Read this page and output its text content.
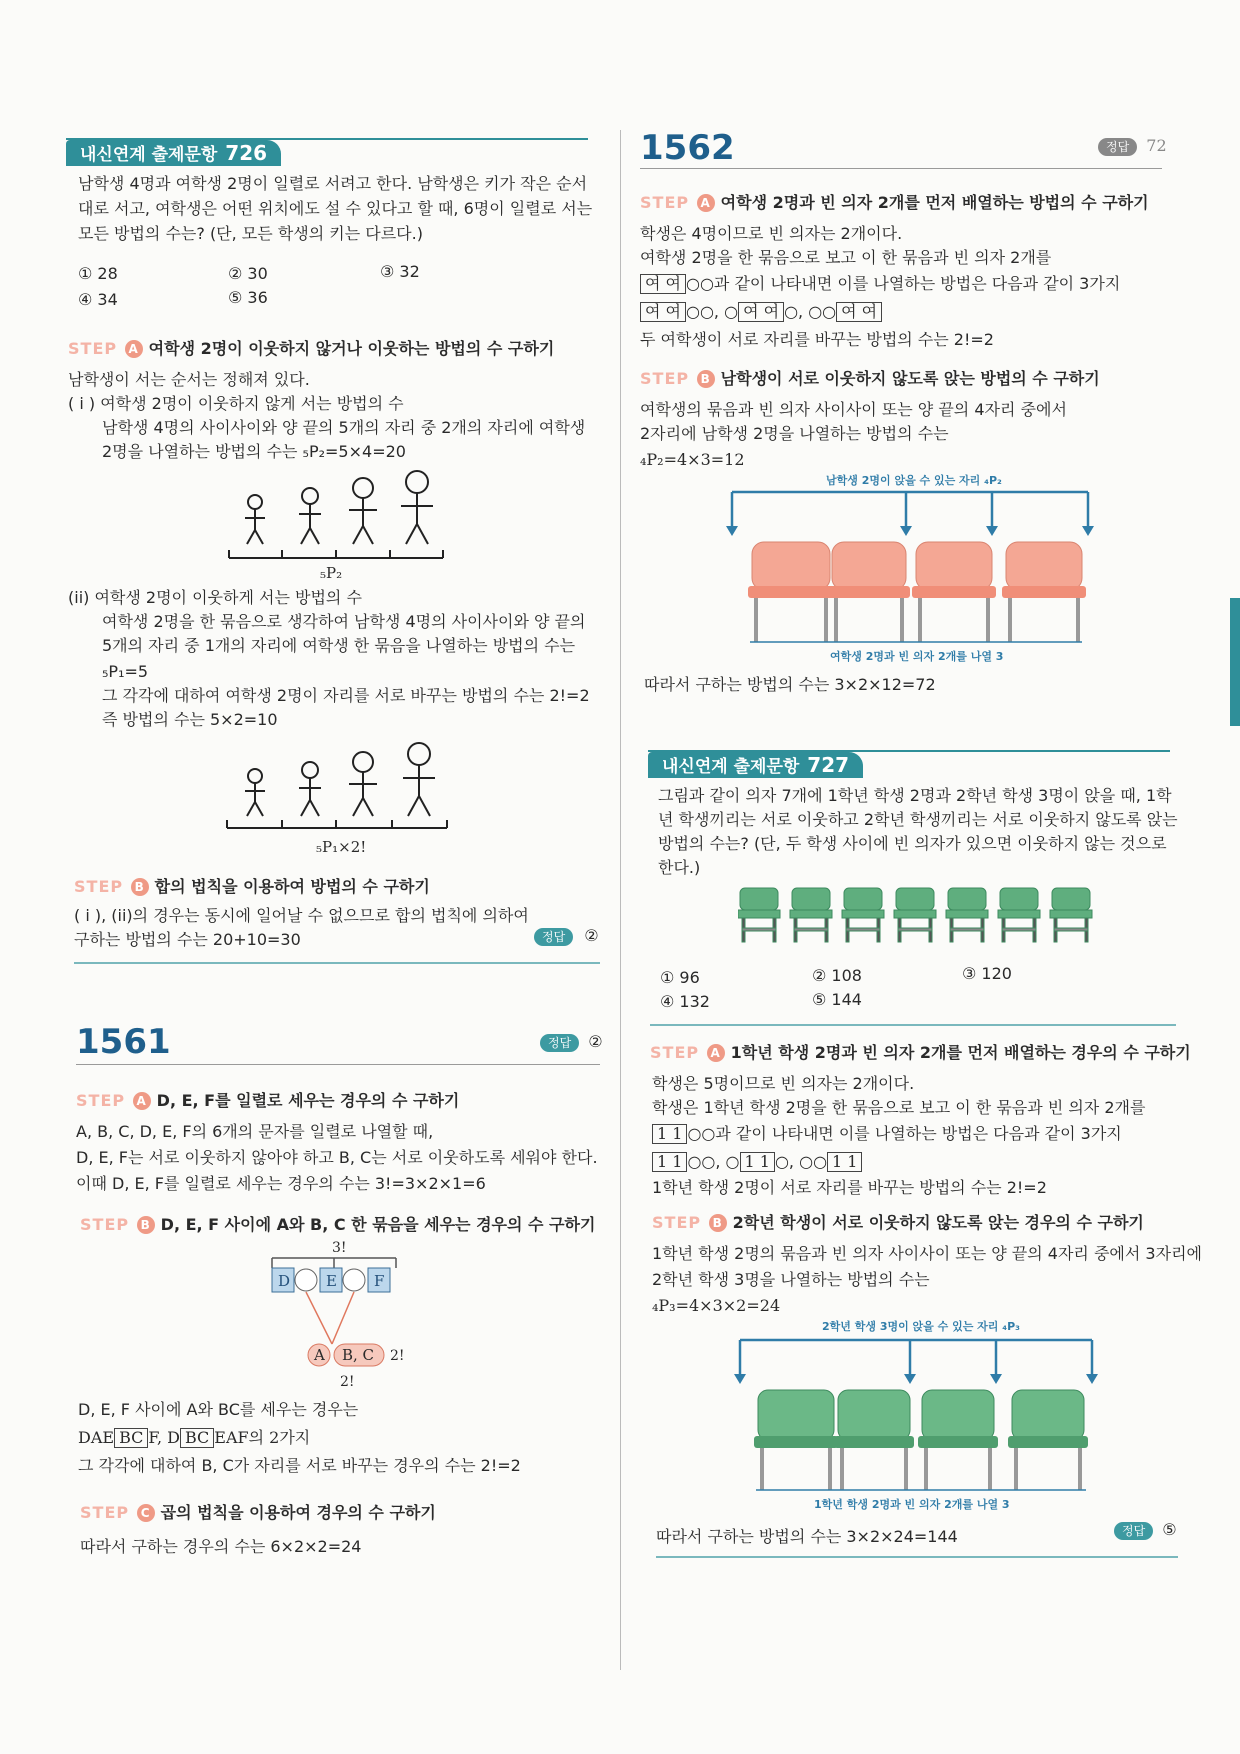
내신연계 출제문항 726
남학생 4명과 여학생 2명이 일렬로 서려고 한다. 남학생은 키가 작은 순서
대로 서고, 여학생은 어떤 위치에도 설 수 있다고 할 때, 6명이 일렬로 서는
모든 방법의 수는? (단, 모든 학생의 키는 다르다.)
① 28	② 30	③ 32
④ 34	⑤ 36
STEP A 여학생 2명이 이웃하지 않거나 이웃하는 방법의 수 구하기
남학생이 서는 순서는 정해져 있다.
( i ) 여학생 2명이 이웃하지 않게 서는 방법의 수
남학생 4명의 사이사이와 양 끝의 5개의 자리 중 2개의 자리에 여학생
2명을 나열하는 방법의 수는 ₅P₂=5×4=20
₅P₂
(ii) 여학생 2명이 이웃하게 서는 방법의 수
여학생 2명을 한 묶음으로 생각하여 남학생 4명의 사이사이와 양 끝의
5개의 자리 중 1개의 자리에 여학생 한 묶음을 나열하는 방법의 수는
₅P₁=5
그 각각에 대하여 여학생 2명이 자리를 서로 바꾸는 방법의 수는 2!=2
즉 방법의 수는 5×2=10
₅P₁×2!
STEP B 합의 법칙을 이용하여 방법의 수 구하기
( i ), (ii)의 경우는 동시에 일어날 수 없으므로 합의 법칙에 의하여
구하는 방법의 수는 20+10=30	정답 ②
1561	정답 ②
STEP A D, E, F를 일렬로 세우는 경우의 수 구하기
A, B, C, D, E, F의 6개의 문자를 일렬로 나열할 때,
D, E, F는 서로 이웃하지 않아야 하고 B, C는 서로 이웃하도록 세워야 한다.
이때 D, E, F를 일렬로 세우는 경우의 수는 3!=3×2×1=6
STEP B D, E, F 사이에 A와 B, C 한 묶음을 세우는 경우의 수 구하기
3!
D E F
A B, C 2!
2!
D, E, F 사이에 A와 BC를 세우는 경우는
DAE BC F, D BC EAF의 2가지
그 각각에 대하여 B, C가 자리를 서로 바꾸는 경우의 수는 2!=2
STEP C 곱의 법칙을 이용하여 경우의 수 구하기
따라서 구하는 경우의 수는 6×2×2=24
1562	정답 72
STEP A 여학생 2명과 빈 의자 2개를 먼저 배열하는 방법의 수 구하기
학생은 4명이므로 빈 의자는 2개이다.
여학생 2명을 한 묶음으로 보고 이 한 묶음과 빈 의자 2개를
여 여 ○○과 같이 나타내면 이를 나열하는 방법은 다음과 같이 3가지
여 여 ○○, ○ 여 여 ○, ○○ 여 여
두 여학생이 서로 자리를 바꾸는 방법의 수는 2!=2
STEP B 남학생이 서로 이웃하지 않도록 앉는 방법의 수 구하기
여학생의 묶음과 빈 의자 사이사이 또는 양 끝의 4자리 중에서
2자리에 남학생 2명을 나열하는 방법의 수는
₄P₂=4×3=12
남학생 2명이 앉을 수 있는 자리 ₄P₂
여학생 2명과 빈 의자 2개를 나열 3
따라서 구하는 방법의 수는 3×2×12=72
내신연계 출제문항 727
그림과 같이 의자 7개에 1학년 학생 2명과 2학년 학생 3명이 앉을 때, 1학
년 학생끼리는 서로 이웃하고 2학년 학생끼리는 서로 이웃하지 않도록 앉는
방법의 수는? (단, 두 학생 사이에 빈 의자가 있으면 이웃하지 않는 것으로
한다.)
① 96	② 108	③ 120
④ 132	⑤ 144
STEP A 1학년 학생 2명과 빈 의자 2개를 먼저 배열하는 경우의 수 구하기
학생은 5명이므로 빈 의자는 2개이다.
학생은 1학년 학생 2명을 한 묶음으로 보고 이 한 묶음과 빈 의자 2개를
1 1 ○○과 같이 나타내면 이를 나열하는 방법은 다음과 같이 3가지
1 1 ○○, ○ 1 1 ○, ○○ 1 1
1학년 학생 2명이 서로 자리를 바꾸는 방법의 수는 2!=2
STEP B 2학년 학생이 서로 이웃하지 않도록 앉는 경우의 수 구하기
1학년 학생 2명의 묶음과 빈 의자 사이사이 또는 양 끝의 4자리 중에서 3자리에
2학년 학생 3명을 나열하는 방법의 수는
₄P₃=4×3×2=24
2학년 학생 3명이 앉을 수 있는 자리 ₄P₃
1학년 학생 2명과 빈 의자 2개를 나열 3
따라서 구하는 방법의 수는 3×2×24=144	정답 ⑤
